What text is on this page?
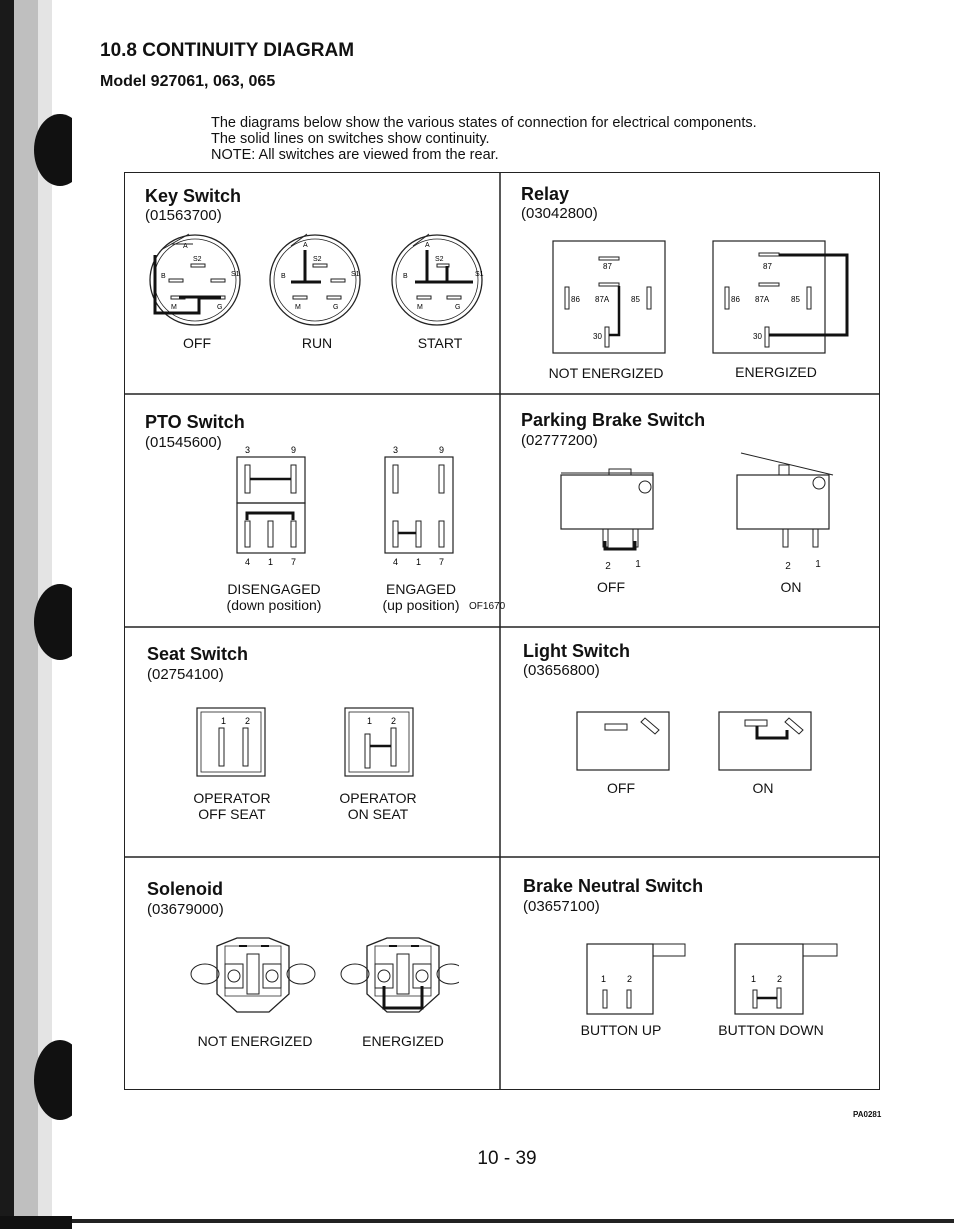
10.8 CONTINUITY DIAGRAM
Model 927061, 063, 065
The diagrams below show the various states of connection for electrical components.
The solid lines on switches show continuity.
NOTE: All switches are viewed from the rear.
Key Switch
(01563700)
A
S2
S1
B
M	G
A
S2
S1
B
M	G
A
S2
S1
B
M	G
OFF	RUN	START
Relay
(03042800)
87
86 87A	85
30
87
86 87A	85
30
NOT ENERGIZED	ENERGIZED
PTO Switch
(01545600)	3	9
4 1 7
3	9
4 1 7
DISENGAGED
(down position)
ENGAGED
(up position) OF1670
Parking Brake Switch
(02777200)
2	1	2	1
OFF	ON
Seat Switch
(02754100)
1 2	1 2
OPERATOR
OFF SEAT
OPERATOR
ON SEAT
Light Switch
(03656800)
OFF	ON
Solenoid
(03679000)
NOT ENERGIZED	ENERGIZED
Brake Neutral Switch
(03657100)
1 2	1 2
BUTTON UP	BUTTON DOWN
PA0281
10 - 39
